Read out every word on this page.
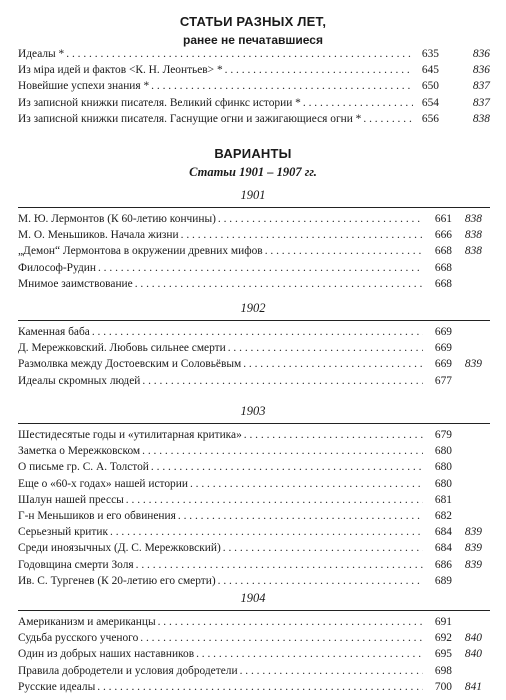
СТАТЬИ РАЗНЫХ ЛЕТ,
ранее не печатавшиеся
Идеалы * . . .	635	836
Из міра идей и фактов <К. Н. Леонтьев> * . . .	645	836
Новейшие успехи знания * . . .	650	837
Из записной книжки писателя. Великий сфинкс истории * . . .	654	837
Из записной книжки писателя. Гаснущие огни и зажигающиеся огни * . . .	656	838
ВАРИАНТЫ
Статьи 1901 – 1907 гг.
1901
М. Ю. Лермонтов (К 60-летию кончины) . . .	661	838
М. О. Меньшиков. Начала жизни . . .	666	838
„Демон“ Лермонтова в окружении древних мифов . . .	668	838
Философ-Рудин . . .	668
Мнимое заимствование . . .	668
1902
Каменная баба . . .	669
Д. Мережковский. Любовь сильнее смерти . . .	669
Размолвка между Достоевским и Соловьёвым . . .	669	839
Идеалы скромных людей . . .	677
1903
Шестидесятые годы и «утилитарная критика» . . .	679
Заметка о Мережковском . . .	680
О письме гр. С. А. Толстой . . .	680
Еще о «60-х годах» нашей истории . . .	680
Шалун нашей прессы . . .	681
Г-н Меньшиков и его обвинения . . .	682
Серьезный критик . . .	684	839
Среди иноязычных (Д. С. Мережковский) . . .	684	839
Годовщина смерти Золя . . .	686	839
Ив. С. Тургенев (К 20-летию его смерти) . . .	689
1904
Американизм и американцы . . .	691
Судьба русского ученого . . .	692	840
Один из добрых наших наставников . . .	695	840
Правила добродетели и условия добродетели . . .	698
Русские идеалы . . .	700	841
